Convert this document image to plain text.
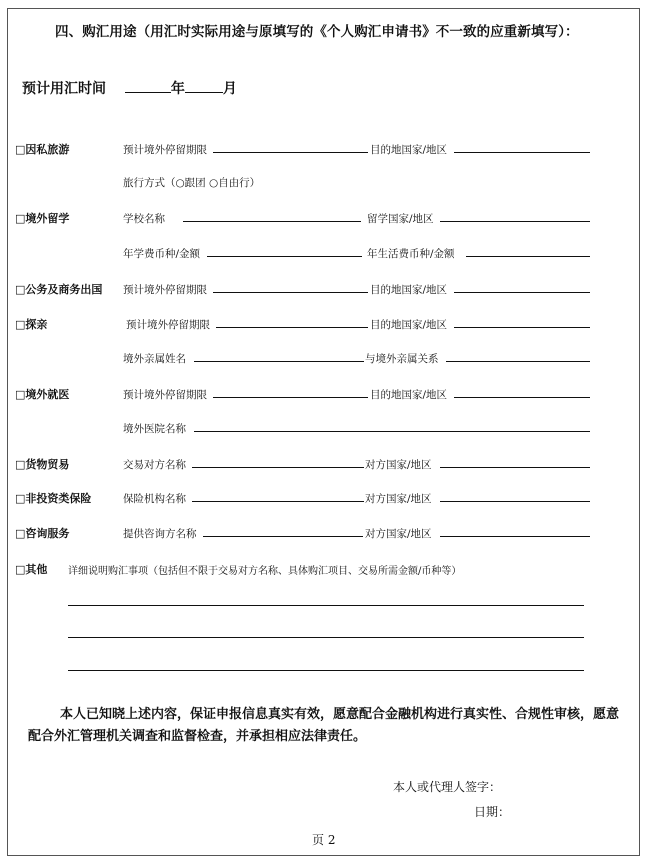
四、购汇用途（用汇时实际用途与原填写的《个人购汇申请书》不一致的应重新填写）：
预计用汇时间	年	月
□因私旅游	预计境外停留期限	目的地国家/地区
旅行方式（○跟团 ○自由行）
□境外留学	学校名称	留学国家/地区
年学费币种/金额	年生活费币种/金额
□公务及商务出国 预计境外停留期限	目的地国家/地区
□探亲	预计境外停留期限	目的地国家/地区
境外亲属姓名	与境外亲属关系
□境外就医	预计境外停留期限	目的地国家/地区
境外医院名称
□货物贸易	交易对方名称	对方国家/地区
□非投资类保险	保险机构名称	对方国家/地区
□咨询服务	提供咨询方名称	对方国家/地区
□其他 详细说明购汇事项（包括但不限于交易对方名称、具体购汇项目、交易所需金额/币种等）
本人已知晓上述内容，保证申报信息真实有效，愿意配合金融机构进行真实性、合规性审核，愿意配合外汇管理机关调查和监督检查，并承担相应法律责任。
本人或代理人签字：
日期：
页 2
